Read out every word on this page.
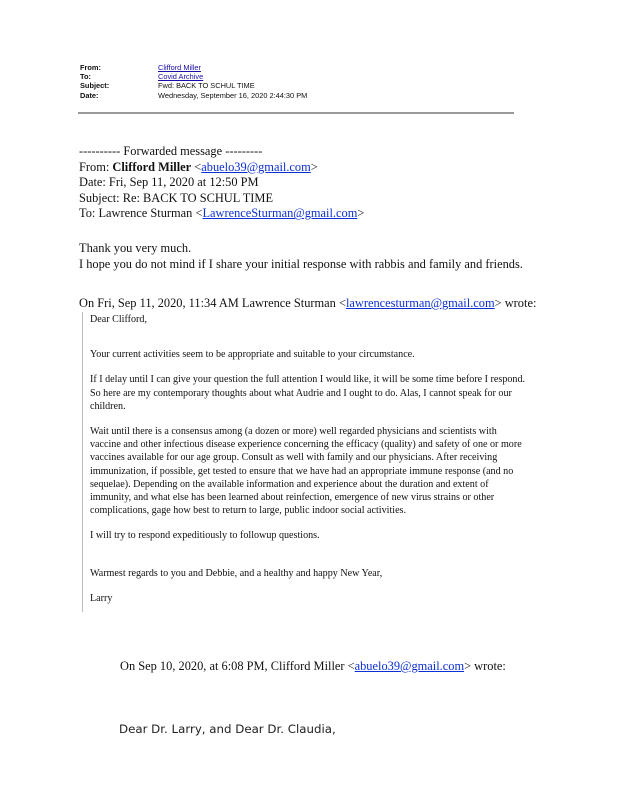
From:	Clifford Miller
To:	Covid Archive
Subject:	Fwd: BACK TO SCHUL TIME
Date:	Wednesday, September 16, 2020 2:44:30 PM
---------- Forwarded message ---------
From: Clifford Miller <abuelo39@gmail.com>
Date: Fri, Sep 11, 2020 at 12:50 PM
Subject: Re: BACK TO SCHUL TIME
To: Lawrence Sturman <LawrenceSturman@gmail.com>
Thank you very much.
I hope you do not mind if I share your initial response with rabbis and family and friends.
On Fri, Sep 11, 2020, 11:34 AM Lawrence Sturman <lawrencesturman@gmail.com> wrote:

Dear Clifford,

Your current activities seem to be appropriate and suitable to your circumstance.

If I delay until I can give your question the full attention I would like, it will be some time before I respond. So here are my contemporary thoughts about what Audrie and I ought to do. Alas, I cannot speak for our children.

Wait until there is a consensus among (a dozen or more) well regarded physicians and scientists with vaccine and other infectious disease experience concerning the efficacy (quality) and safety of one or more vaccines available for our age group. Consult as well with family and our physicians. After receiving immunization, if possible, get tested to ensure that we have had an appropriate immune response (and no sequelae). Depending on the available information and experience about the duration and extent of immunity, and what else has been learned about reinfection, emergence of new virus strains or other complications, gage how best to return to large, public indoor social activities.

I will try to respond expeditiously to followup questions.

Warmest regards to you and Debbie, and a healthy and happy New Year,

Larry

On Sep 10, 2020, at 6:08 PM, Clifford Miller <abuelo39@gmail.com> wrote:
Dear Dr. Larry, and Dear Dr. Claudia,
